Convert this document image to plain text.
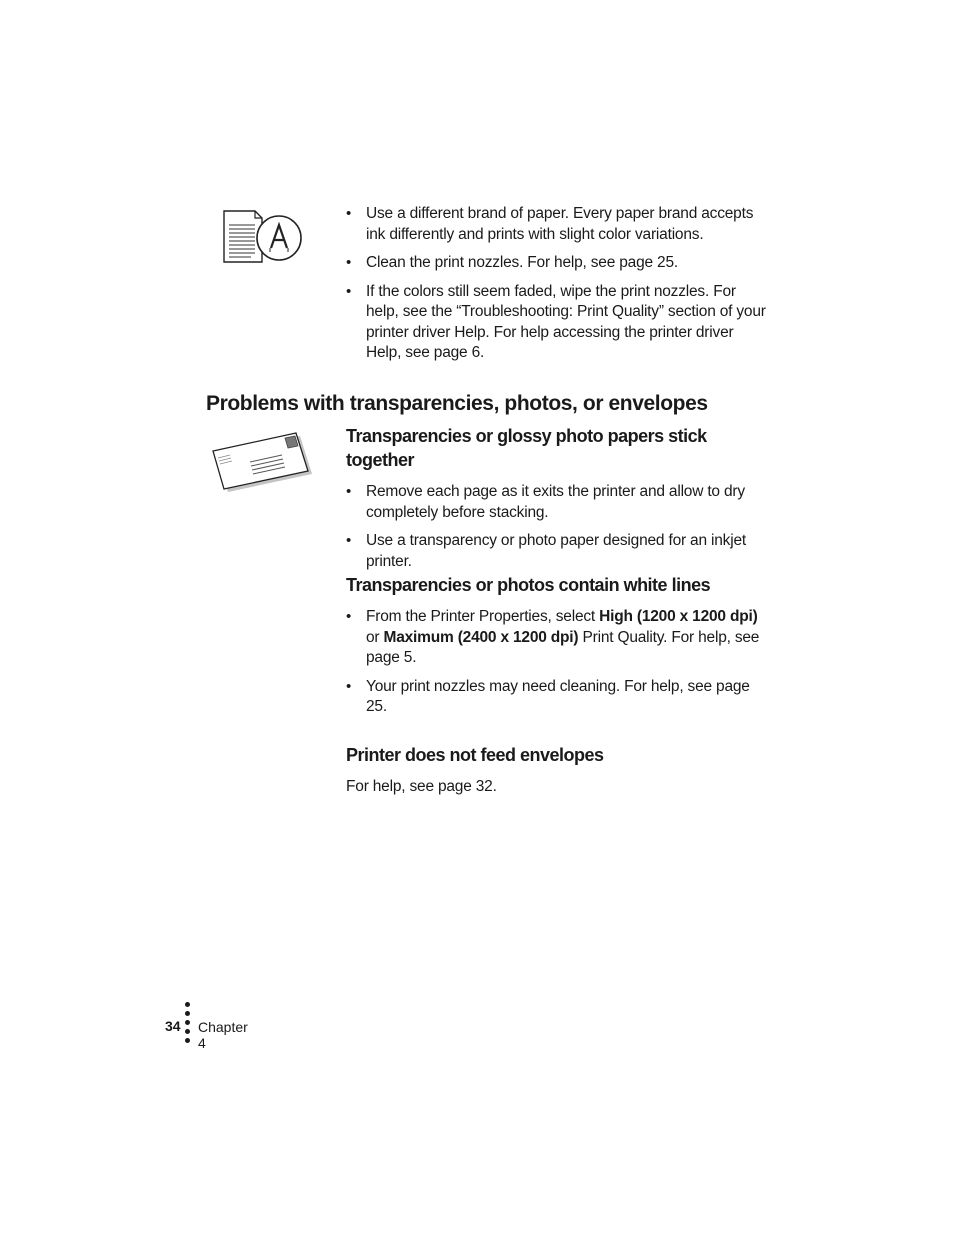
• Use a different brand of paper. Every paper brand accepts ink differently and prints with slight color variations.
• Clean the print nozzles. For help, see page 25.
• If the colors still seem faded, wipe the print nozzles. For help, see the “Troubleshooting: Print Quality” section of your printer driver Help. For help accessing the printer driver Help, see page 6.
Problems with transparencies, photos, or envelopes
Transparencies or glossy photo papers stick together
• Remove each page as it exits the printer and allow to dry completely before stacking.
• Use a transparency or photo paper designed for an inkjet printer.
Transparencies or photos contain white lines
• From the Printer Properties, select High (1200 x 1200 dpi) or Maximum (2400 x 1200 dpi) Print Quality. For help, see page 5.
• Your print nozzles may need cleaning. For help, see page 25.
Printer does not feed envelopes
For help, see page 32.
34 Chapter 4
